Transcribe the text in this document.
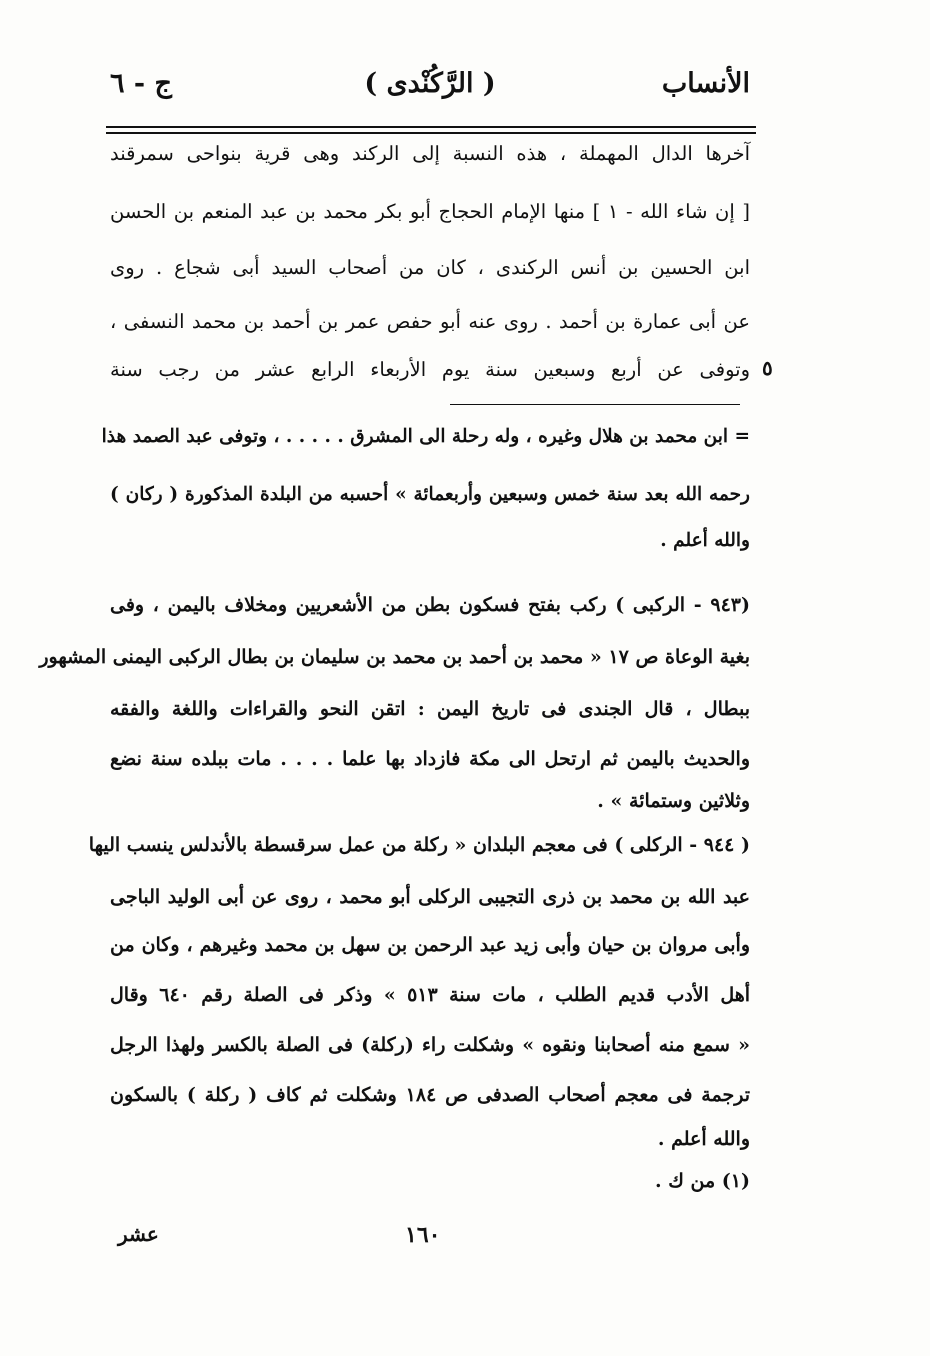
الأنساب
( الرَّكُنْدى )
ج - ٦
آخرها الدال المهملة ، هذه النسبة إلى الركند وهى قرية بنواحى سمرقند
[ إن شاء الله - ١ ] منها الإمام الحجاج أبو بكر محمد بن عبد المنعم بن الحسن
ابن الحسين بن أنس الركندى ، كان من أصحاب السيد أبى شجاع . روى
عن أبى عمارة بن أحمد . روى عنه أبو حفص عمر بن أحمد بن محمد النسفى ،
وتوفى عن أربع وسبعين سنة يوم الأربعاء الرابع عشر من رجب سنة ٥
= ابن محمد بن هلال وغيره ، وله رحلة الى المشرق . . . . . ، وتوفى عبد الصمد هذا
رحمه الله بعد سنة خمس وسبعين وأربعمائة » أحسبه من البلدة المذكورة ( ركان )
والله أعلم .
(٩٤٣ - الركبى ) ركب بفتح فسكون بطن من الأشعريين ومخلاف باليمن ، وفى
بغية الوعاة ص ١٧ « محمد بن أحمد بن محمد بن سليمان بن بطال الركبى اليمنى المشهور
ببطال ، قال الجندى فى تاريخ اليمن : اتقن النحو والقراءات واللغة والفقه
والحديث باليمن ثم ارتحل الى مكة فازداد بها علما . . . . مات ببلده سنة نضع
وثلاثين وستمائة » .
( ٩٤٤ - الركلى ) فى معجم البلدان « ركلة من عمل سرقسطة بالأندلس ينسب اليها
عبد الله بن محمد بن ذرى التجيبى الركلى أبو محمد ، روى عن أبى الوليد الباجى
وأبى مروان بن حيان وأبى زيد عبد الرحمن بن سهل بن محمد وغيرهم ، وكان من
أهل الأدب قديم الطلب ، مات سنة ٥١٣ » وذكر فى الصلة رقم ٦٤٠ وقال
« سمع منه أصحابنا ونقوه » وشكلت راء (ركلة) فى الصلة بالكسر ولهذا الرجل
ترجمة فى معجم أصحاب الصدفى ص ١٨٤ وشكلت ثم كاف ( ركلة ) بالسكون
والله أعلم .
(١) من ك .
١٦٠
عشر
